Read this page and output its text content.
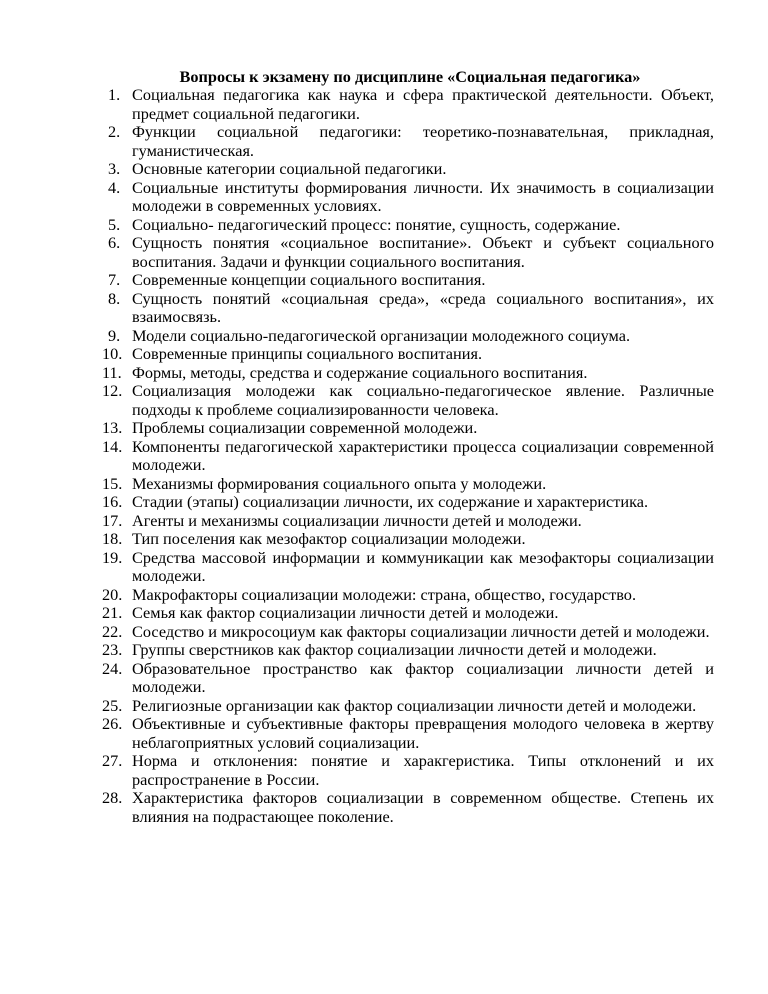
Вопросы к экзамену по дисциплине «Социальная педагогика»
1. Социальная педагогика как наука и сфера практической деятельности. Объект, предмет социальной педагогики.
2. Функции социальной педагогики: теоретико-познавательная, прикладная, гуманистическая.
3. Основные категории социальной педагогики.
4. Социальные институты формирования личности. Их значимость в социализации молодежи в современных условиях.
5. Социально- педагогический процесс: понятие, сущность, содержание.
6. Сущность понятия «социальное воспитание». Объект и субъект социального воспитания. Задачи и функции социального воспитания.
7. Современные концепции социального воспитания.
8. Сущность понятий «социальная среда», «среда социального воспитания», их взаимосвязь.
9. Модели социально-педагогической организации молодежного социума.
10. Современные принципы социального воспитания.
11. Формы, методы, средства и содержание социального воспитания.
12. Социализация молодежи как социально-педагогическое явление. Различные подходы к проблеме социализированности человека.
13. Проблемы социализации современной молодежи.
14. Компоненты педагогической характеристики процесса социализации современной молодежи.
15. Механизмы формирования социального опыта у молодежи.
16. Стадии (этапы) социализации личности, их содержание и характеристика.
17. Агенты и механизмы социализации личности детей и молодежи.
18. Тип поселения как мезофактор социализации молодежи.
19. Средства массовой информации и коммуникации как мезофакторы социализации молодежи.
20. Макрофакторы социализации молодежи: страна, общество, государство.
21. Семья как фактор социализации личности детей и молодежи.
22. Соседство и микросоциум как факторы социализации личности детей и молодежи.
23. Группы сверстников как фактор социализации личности детей и молодежи.
24. Образовательное пространство как фактор социализации личности детей и молодежи.
25. Религиозные организации как фактор социализации личности детей и молодежи.
26. Объективные и субъективные факторы превращения молодого человека в жертву неблагоприятных условий социализации.
27. Норма и отклонения: понятие и харакгеристика. Типы отклонений и их распространение в России.
28. Характеристика факторов социализации в современном обществе. Степень их влияния на подрастающее поколение.
